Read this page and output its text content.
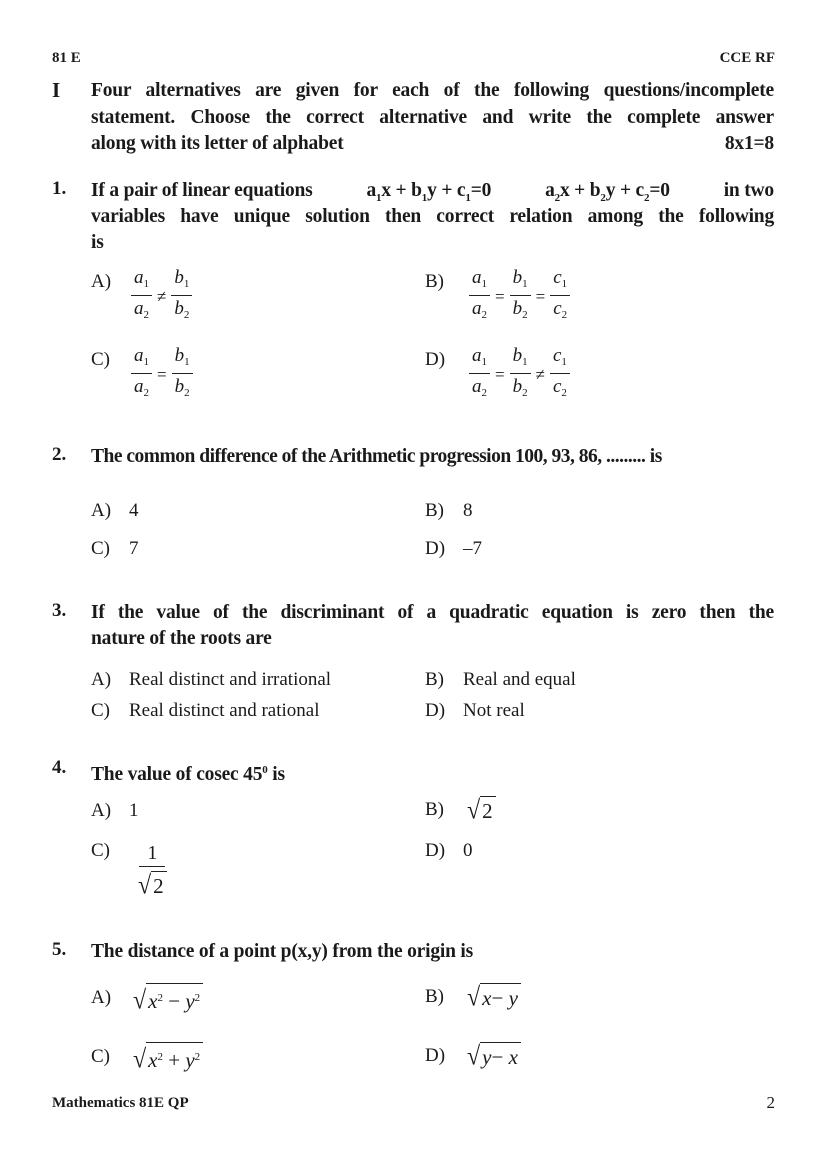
81 E	CCE RF
I Four alternatives are given for each of the following questions/incomplete
statement. Choose the correct alternative and write the complete answer
along with its letter of alphabet	8x1=8
1. If a pair of linear equations	$a_1x + b_1y + c_1=0$	$a_2x + b_2y + c_2=0$	in two
variables have unique solution then correct relation among the following
is
A)	$\frac{a_1}{a_2} \ne \frac{b_1}{b_2}$	B)	$\frac{a_1}{a_2} = \frac{b_1}{b_2} = \frac{c_1}{c_2}$
C)	$\frac{a_1}{a_2} = \frac{b_1}{b_2}$	D)	$\frac{a_1}{a_2} = \frac{b_1}{b_2} \ne \frac{c_1}{c_2}$
2. The common difference of the Arithmetic progression 100, 93, 86, ......... is
A) 4	B) 8
C) 7	D) –7
3. If the value of the discriminant of a quadratic equation is zero then the
nature of the roots are
A) Real distinct and irrational	B) Real and equal
C) Real distinct and rational	D) Not real
4. The value of cosec $45^0$ is
A) 1	B) √ 2
C)	$\frac{1}{√ 2}$	D) 0
5. The distance of a point p(x,y) from the origin is
A) √ $x^2 - y^2$	B) √ x− y
C) √ $x^2 + y^2$	D) √ y− x
Mathematics 81E QP	2
